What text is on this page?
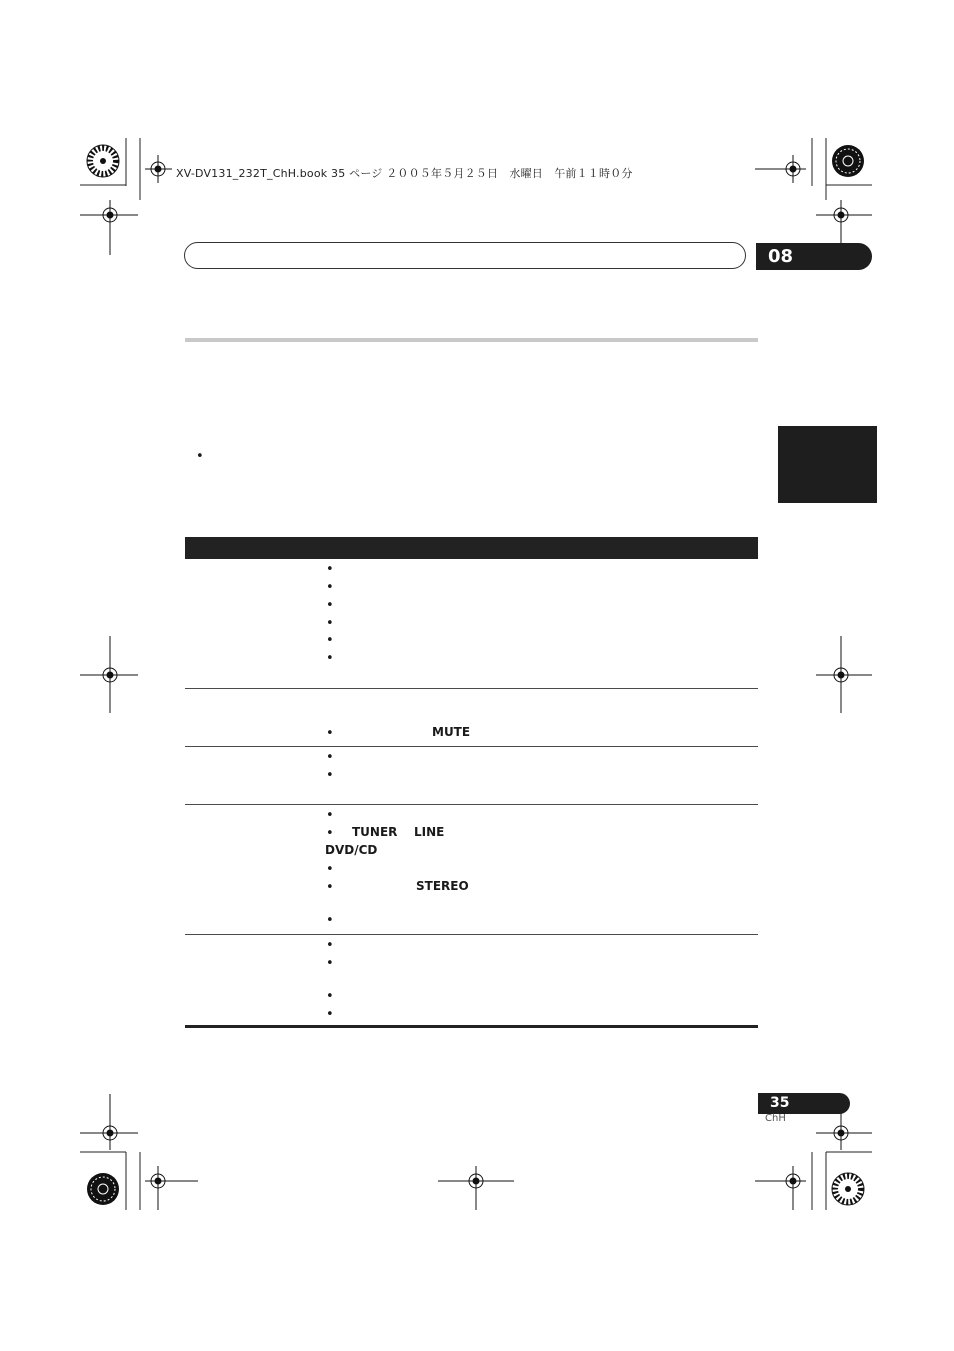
XV-DV131_232T_ChH.book 35 ページ ２００５年５月２５日　水曜日　午前１１時０分
08
•
•
•
•
•
•
•
•	MUTE
•
•
•
• TUNER LINE
DVD/CD
•
•	STEREO
•
•
•
•
•
35
ChH
